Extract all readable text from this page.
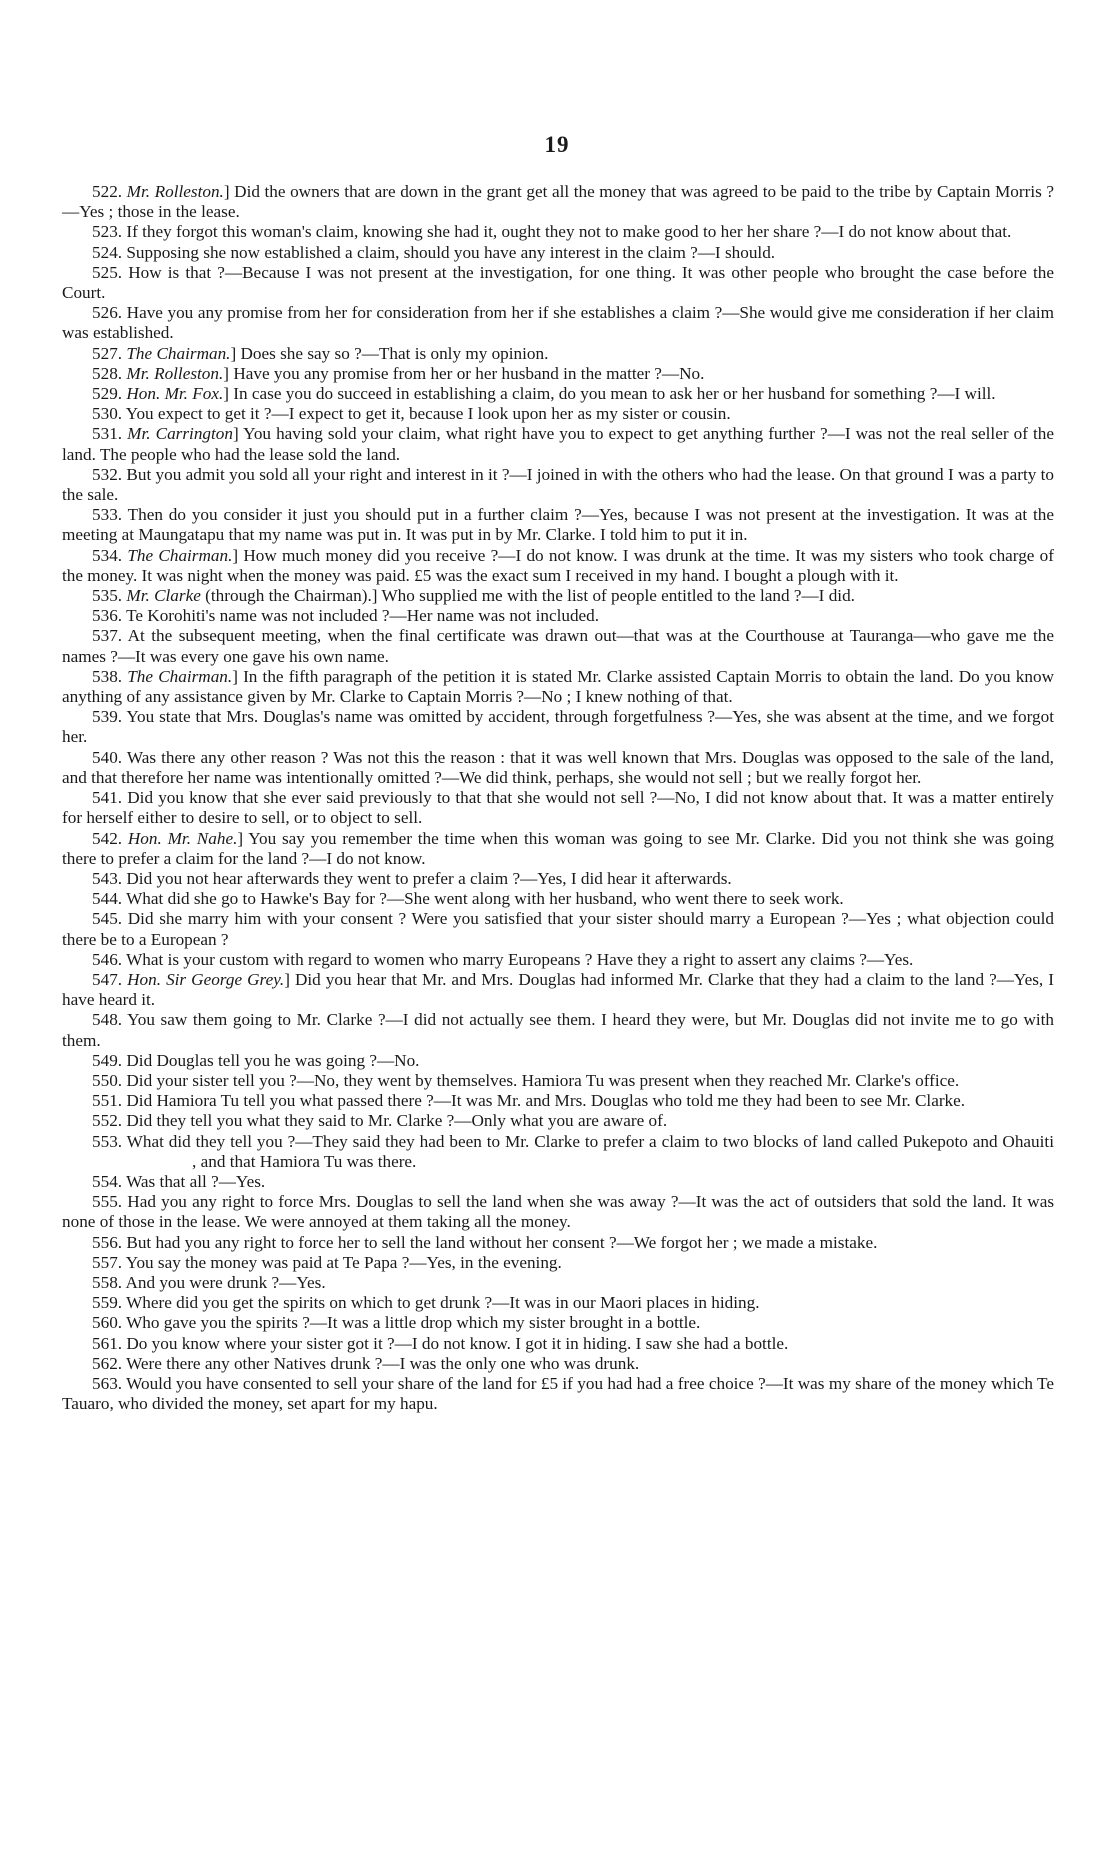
19

522. Mr. Rolleston.] Did the owners that are down in the grant get all the money that was agreed to be paid to the tribe by Captain Morris ?—Yes ; those in the lease.

523. If they forgot this woman's claim, knowing she had it, ought they not to make good to her her share ?—I do not know about that.

524. Supposing she now established a claim, should you have any interest in the claim ?—I should.

525. How is that ?—Because I was not present at the investigation, for one thing. It was other people who brought the case before the Court.

526. Have you any promise from her for consideration from her if she establishes a claim ?—She would give me consideration if her claim was established.

527. The Chairman.] Does she say so ?—That is only my opinion.

528. Mr. Rolleston.] Have you any promise from her or her husband in the matter ?—No.

529. Hon. Mr. Fox.] In case you do succeed in establishing a claim, do you mean to ask her or her husband for something ?—I will.

530. You expect to get it ?—I expect to get it, because I look upon her as my sister or cousin.

531. Mr. Carrington] You having sold your claim, what right have you to expect to get anything further ?—I was not the real seller of the land. The people who had the lease sold the land.

532. But you admit you sold all your right and interest in it ?—I joined in with the others who had the lease. On that ground I was a party to the sale.

533. Then do you consider it just you should put in a further claim ?—Yes, because I was not present at the investigation. It was at the meeting at Maungatapu that my name was put in. It was put in by Mr. Clarke. I told him to put it in.

534. The Chairman.] How much money did you receive ?—I do not know. I was drunk at the time. It was my sisters who took charge of the money. It was night when the money was paid. £5 was the exact sum I received in my hand. I bought a plough with it.

535. Mr. Clarke (through the Chairman).] Who supplied me with the list of people entitled to the land ?—I did.

536. Te Korohiti's name was not included ?—Her name was not included.

537. At the subsequent meeting, when the final certificate was drawn out—that was at the Courthouse at Tauranga—who gave me the names ?—It was every one gave his own name.

538. The Chairman.] In the fifth paragraph of the petition it is stated Mr. Clarke assisted Captain Morris to obtain the land. Do you know anything of any assistance given by Mr. Clarke to Captain Morris ?—No ; I knew nothing of that.

539. You state that Mrs. Douglas's name was omitted by accident, through forgetfulness ?—Yes, she was absent at the time, and we forgot her.

540. Was there any other reason ? Was not this the reason : that it was well known that Mrs. Douglas was opposed to the sale of the land, and that therefore her name was intentionally omitted ?—We did think, perhaps, she would not sell ; but we really forgot her.

541. Did you know that she ever said previously to that that she would not sell ?—No, I did not know about that. It was a matter entirely for herself either to desire to sell, or to object to sell.

542. Hon. Mr. Nahe.] You say you remember the time when this woman was going to see Mr. Clarke. Did you not think she was going there to prefer a claim for the land ?—I do not know.

543. Did you not hear afterwards they went to prefer a claim ?—Yes, I did hear it afterwards.

544. What did she go to Hawke's Bay for ?—She went along with her husband, who went there to seek work.

545. Did she marry him with your consent ? Were you satisfied that your sister should marry a European ?—Yes ; what objection could there be to a European ?

546. What is your custom with regard to women who marry Europeans ? Have they a right to assert any claims ?—Yes.

547. Hon. Sir George Grey.] Did you hear that Mr. and Mrs. Douglas had informed Mr. Clarke that they had a claim to the land ?—Yes, I have heard it.

548. You saw them going to Mr. Clarke ?—I did not actually see them. I heard they were, but Mr. Douglas did not invite me to go with them.

549. Did Douglas tell you he was going ?—No.

550. Did your sister tell you ?—No, they went by themselves. Hamiora Tu was present when they reached Mr. Clarke's office.

551. Did Hamiora Tu tell you what passed there ?—It was Mr. and Mrs. Douglas who told me they had been to see Mr. Clarke.

552. Did they tell you what they said to Mr. Clarke ?—Only what you are aware of.

553. What did they tell you ?—They said they had been to Mr. Clarke to prefer a claim to two blocks of land called Pukepoto and Ohauiti, and that Hamiora Tu was there.

554. Was that all ?—Yes.

555. Had you any right to force Mrs. Douglas to sell the land when she was away ?—It was the act of outsiders that sold the land. It was none of those in the lease. We were annoyed at them taking all the money.

556. But had you any right to force her to sell the land without her consent ?—We forgot her ; we made a mistake.

557. You say the money was paid at Te Papa ?—Yes, in the evening.

558. And you were drunk ?—Yes.

559. Where did you get the spirits on which to get drunk ?—It was in our Maori places in hiding.

560. Who gave you the spirits ?—It was a little drop which my sister brought in a bottle.

561. Do you know where your sister got it ?—I do not know. I got it in hiding. I saw she had a bottle.

562. Were there any other Natives drunk ?—I was the only one who was drunk.

563. Would you have consented to sell your share of the land for £5 if you had had a free choice ?—It was my share of the money which Te Tauaro, who divided the money, set apart for my hapu.
